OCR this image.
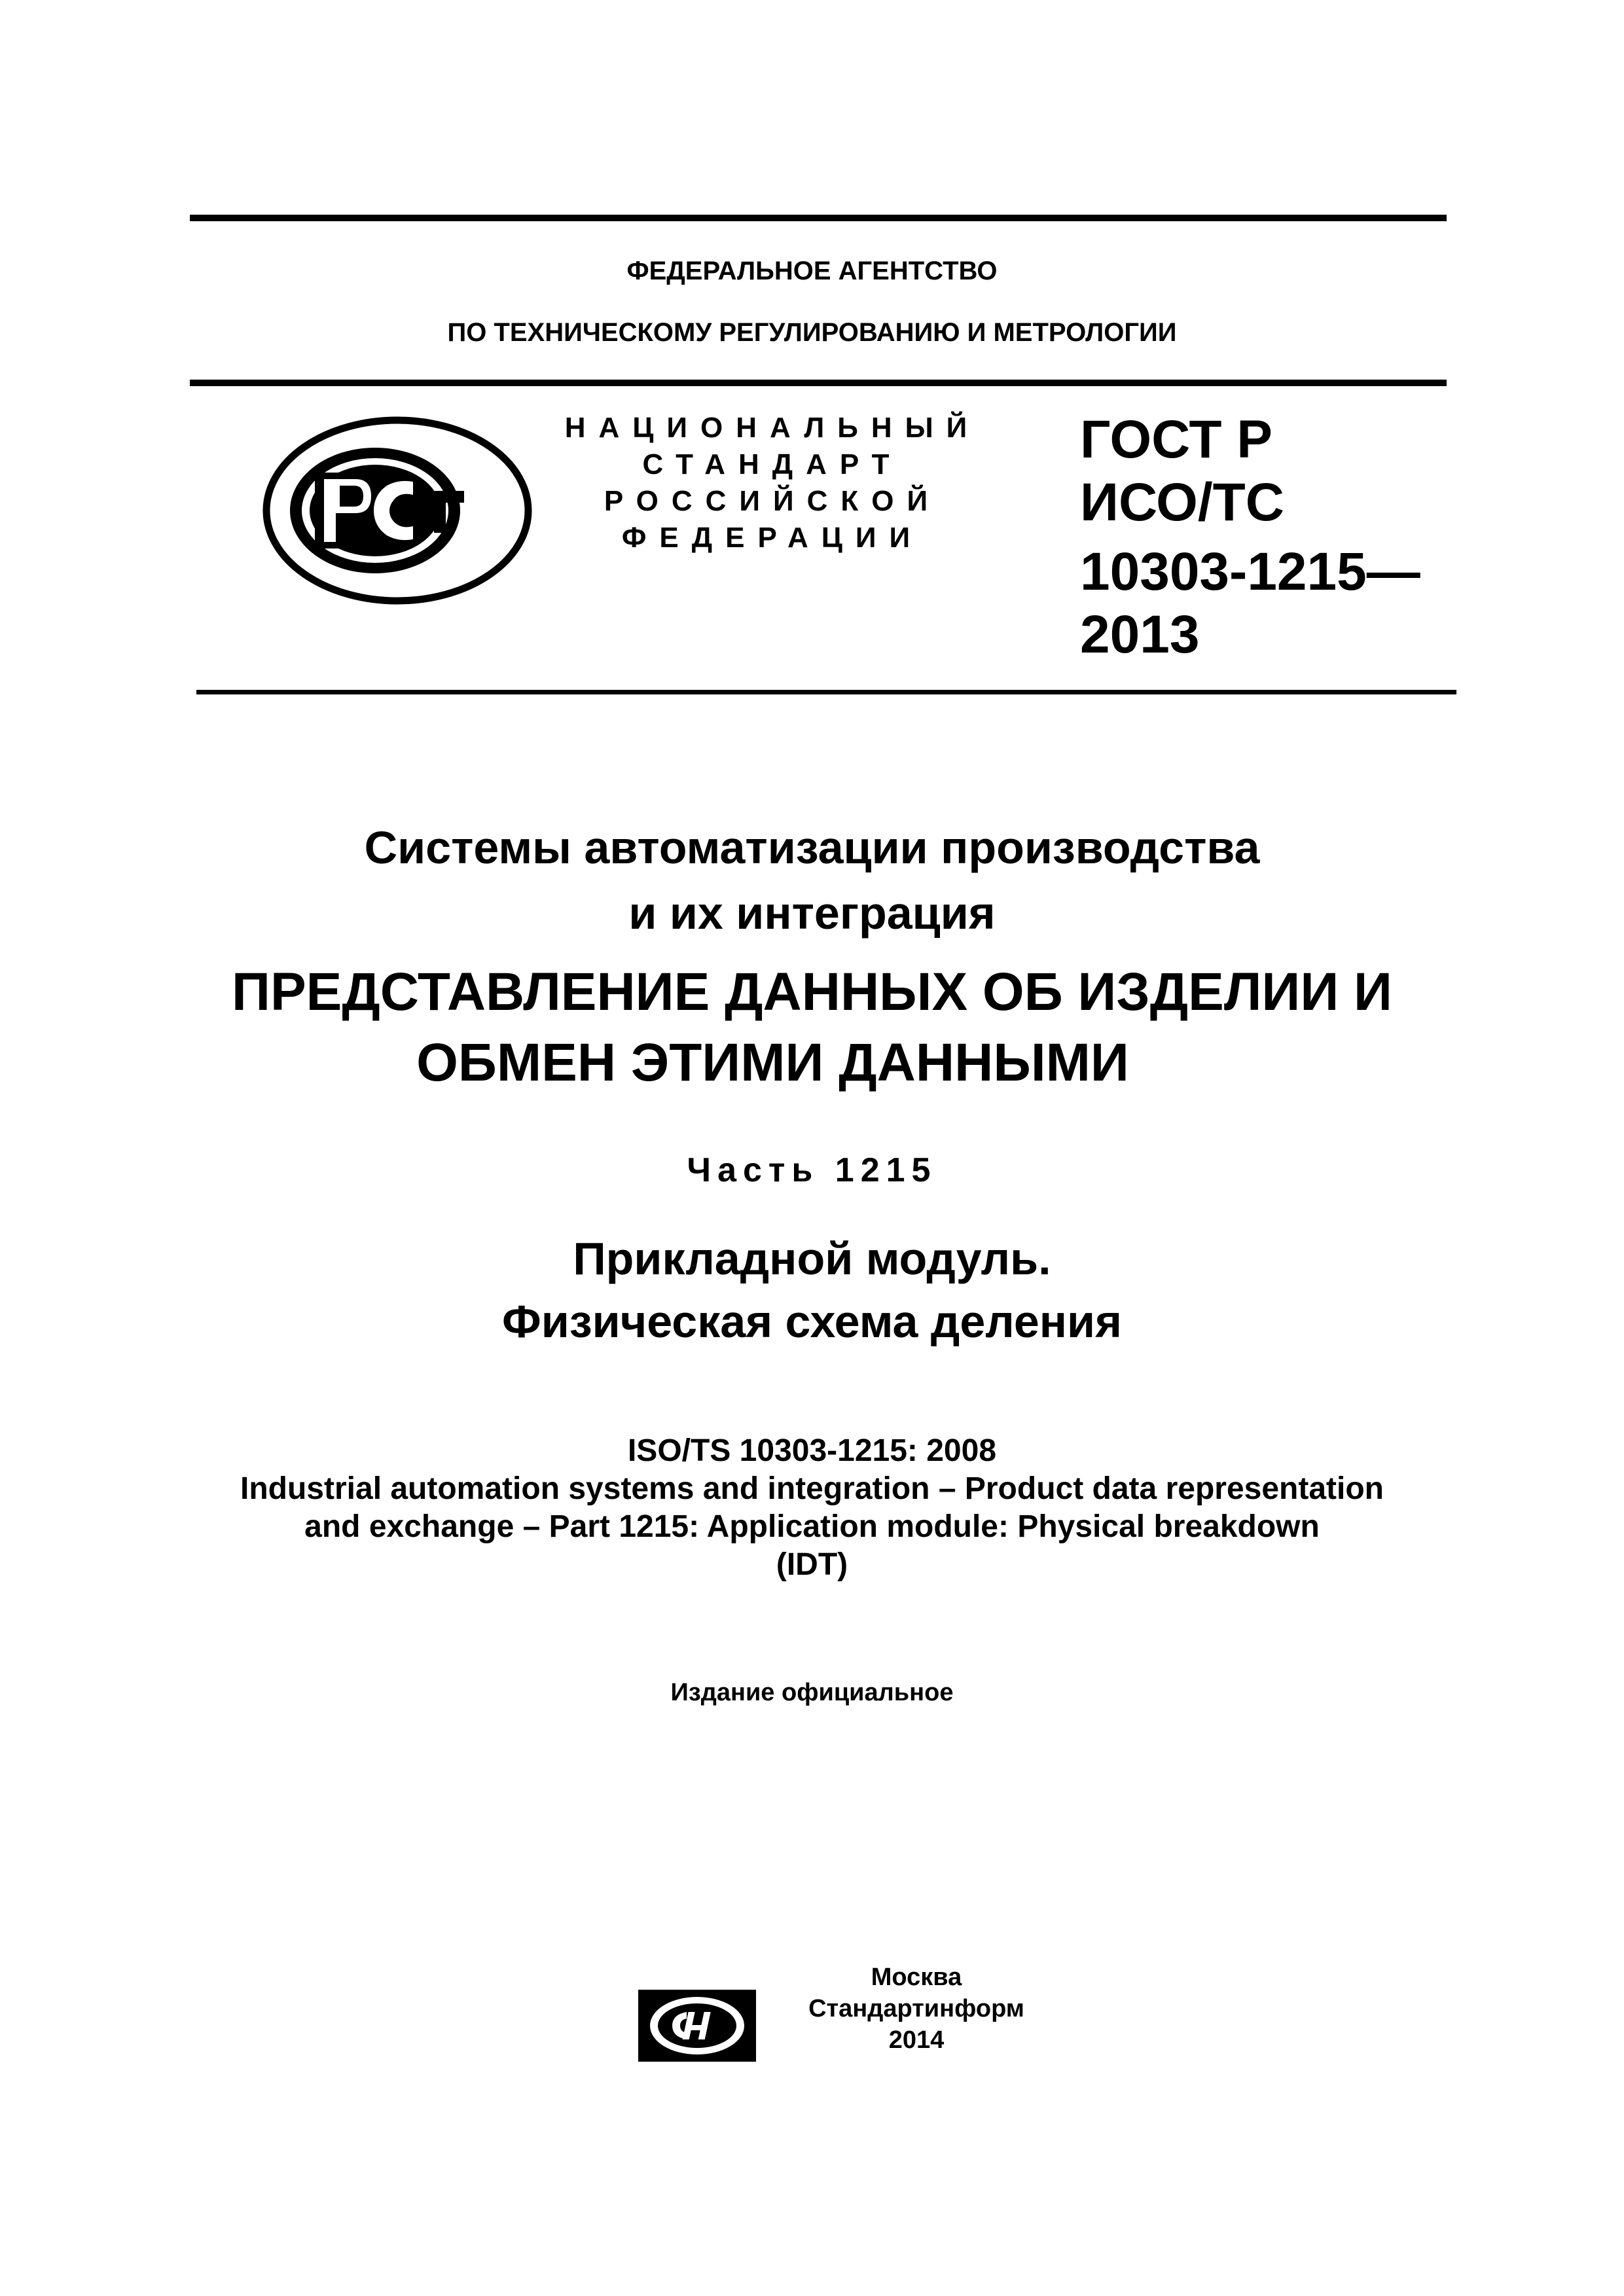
ФЕДЕРАЛЬНОЕ АГЕНТСТВО
ПО ТЕХНИЧЕСКОМУ РЕГУЛИРОВАНИЮ И МЕТРОЛОГИИ
НАЦИОНАЛЬНЫЙ
СТАНДАРТ
РОССИЙСКОЙ
ФЕДЕРАЦИИ
ГОСТ Р
ИСО/ТС
10303-1215—
2013
Системы автоматизации производства
и их интеграция
ПРЕДСТАВЛЕНИЕ ДАННЫХ ОБ ИЗДЕЛИИ И
ОБМЕН ЭТИМИ ДАННЫМИ
Часть 1215
Прикладной модуль.
Физическая схема деления
ISO/TS 10303-1215: 2008
Industrial automation systems and integration – Product data representation
and exchange – Part 1215: Application module: Physical breakdown
(IDT)
Издание официальное
Москва
Стандартинформ
2014
